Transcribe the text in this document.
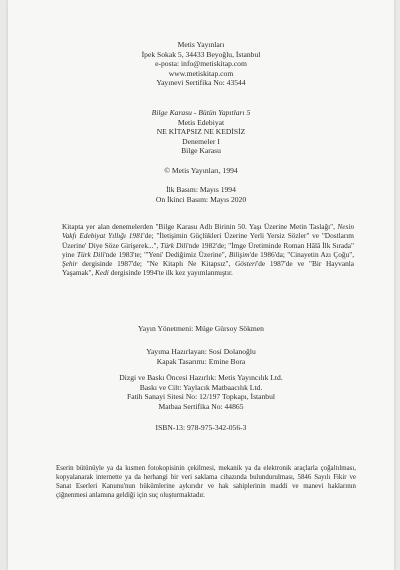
Metis Yayınları

İpek Sokak 5, 34433 Beyoğlu, İstanbul

e-posta: info@metiskitap.com

www.metiskitap.com

Yayınevi Sertifika No: 43544

Bilge Karasu - Bütün Yapıtları 5

Metis Edebiyat

NE KİTAPSIZ NE KEDİSİZ

Denemeler I

Bilge Karasu

© Metis Yayınları, 1994

İlk Basım: Mayıs 1994

On İkinci Basım: Mayıs 2020

Kitapta yer alan denemelerden "Bilge Karasu Adlı Birinin 50. Yaşı Üzerine Metin Taslağı", Nesin Vakfı Edebiyat Yıllığı 1981'de; "İletişimin Güçlükleri Üzerine Yerli Yersiz Sözler" ve "Dostlarım Üzerine' Diye Söze Girişerek...", Türk Dili'nde 1982'de; "İmge Üretiminde Roman Hâlâ İlk Sırada" yine Türk Dili'nde 1983'te; "'Yeni' Dediğimiz Üzerine", Bilişim'de 1986'da; "Cinayetin Azı Çoğu", Şehir dergisinde 1987'de; "Ne Kitaplı Ne Kitapsız", Gösteri'de 1987'de ve "Bir Hayvanla Yaşamak", Kedi dergisinde 1994'te ilk kez yayımlanmıştır.

Yayın Yönetmeni: Müge Gürsoy Sökmen

Yayıma Hazırlayan: Sosi Dolanoğlu

Kapak Tasarımı: Emine Bora

Dizgi ve Baskı Öncesi Hazırlık: Metis Yayıncılık Ltd.

Baskı ve Cilt: Yaylacık Matbaacılık Ltd.

Fatih Sanayi Sitesi No: 12/197 Topkapı, İstanbul

Matbaa Sertifika No: 44865

ISBN-13: 978-975-342-056-3

Eserin bütünüyle ya da kısmen fotokopisinin çekilmesi, mekanik ya da elektronik araçlarla çoğaltılması, kopyalanarak internette ya da herhangi bir veri saklama cihazında bulundurulması, 5846 Sayılı Fikir ve Sanat Eserleri Kanunu'nun hükümlerine aykırıdır ve hak sahiplerinin maddi ve manevi haklarının çiğnenmesi anlamına geldiği için suç oluşturmaktadır.
